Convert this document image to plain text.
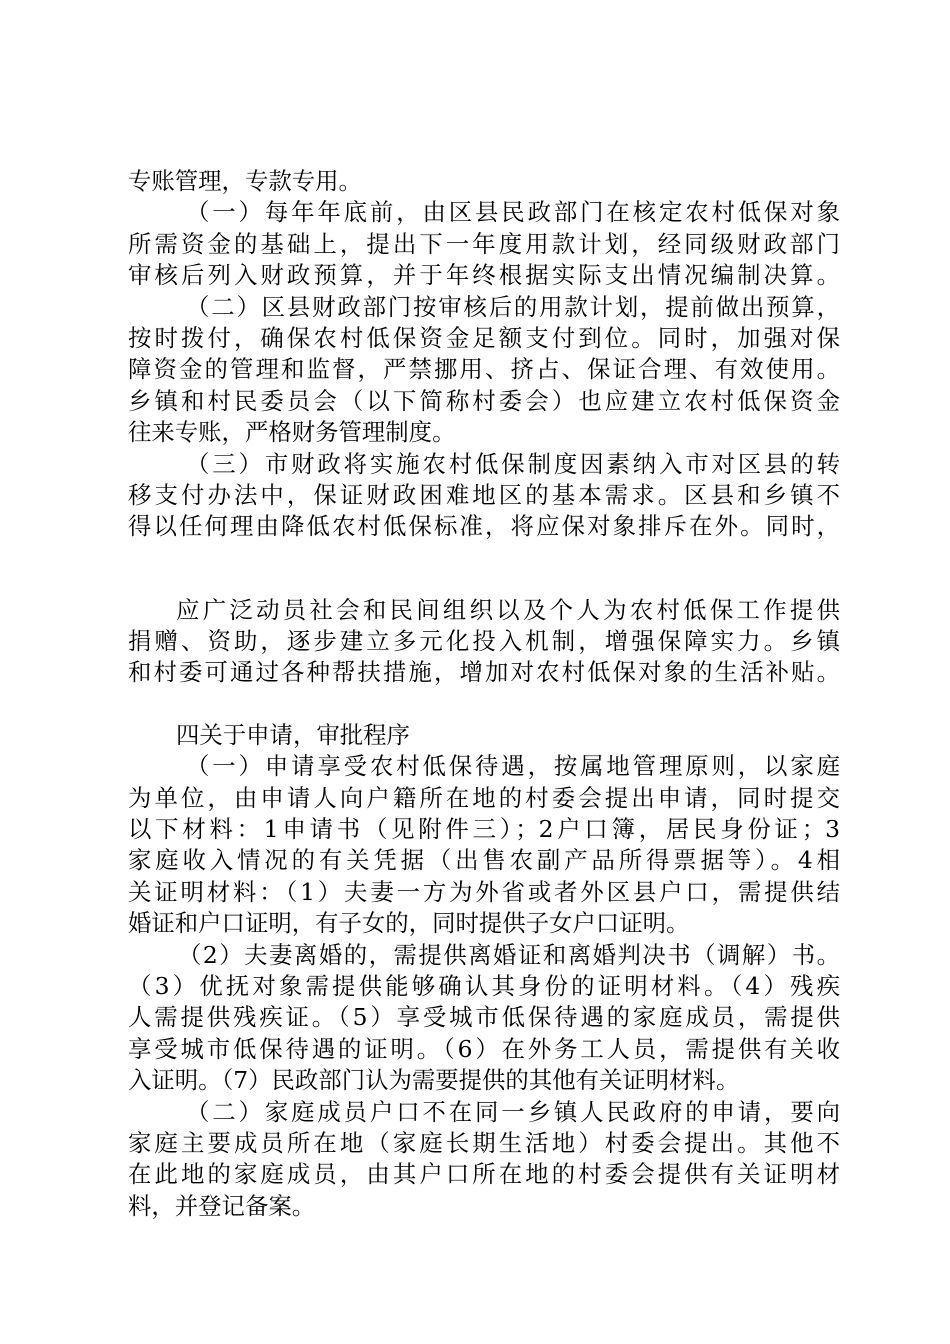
专账管理，专款专用。
（一）每年年底前，由区县民政部门在核定农村低保对象
所需资金的基础上，提出下一年度用款计划，经同级财政部门
审核后列入财政预算，并于年终根据实际支出情况编制决算。
（二）区县财政部门按审核后的用款计划，提前做出预算，
按时拨付，确保农村低保资金足额支付到位。同时，加强对保
障资金的管理和监督，严禁挪用、挤占、保证合理、有效使用。
乡镇和村民委员会（以下简称村委会）也应建立农村低保资金
往来专账，严格财务管理制度。
（三）市财政将实施农村低保制度因素纳入市对区县的转
移支付办法中，保证财政困难地区的基本需求。区县和乡镇不
得以任何理由降低农村低保标准，将应保对象排斥在外。同时，
应广泛动员社会和民间组织以及个人为农村低保工作提供
捐赠、资助，逐步建立多元化投入机制，增强保障实力。乡镇
和村委可通过各种帮扶措施，增加对农村低保对象的生活补贴。
四关于申请，审批程序
（一）申请享受农村低保待遇，按属地管理原则，以家庭
为单位，由申请人向户籍所在地的村委会提出申请，同时提交
以下材料：1申请书（见附件三）；2户口簿，居民身份证；3
家庭收入情况的有关凭据（出售农副产品所得票据等）。4相
关证明材料：（1）夫妻一方为外省或者外区县户口，需提供结
婚证和户口证明，有子女的，同时提供子女户口证明。
（2）夫妻离婚的，需提供离婚证和离婚判决书（调解）书。
（3）优抚对象需提供能够确认其身份的证明材料。（4）残疾
人需提供残疾证。（5）享受城市低保待遇的家庭成员，需提供
享受城市低保待遇的证明。（6）在外务工人员，需提供有关收
入证明。（7）民政部门认为需要提供的其他有关证明材料。
（二）家庭成员户口不在同一乡镇人民政府的申请，要向
家庭主要成员所在地（家庭长期生活地）村委会提出。其他不
在此地的家庭成员，由其户口所在地的村委会提供有关证明材
料，并登记备案。
